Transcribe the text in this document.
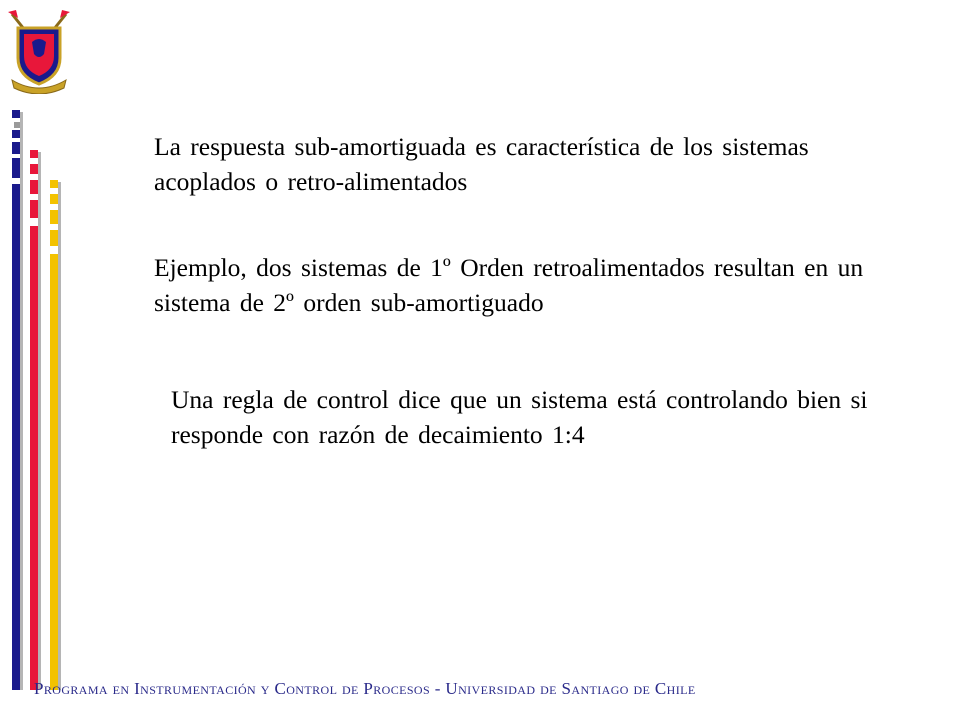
La respuesta sub-amortiguada es característica de los sistemas acoplados o retro-alimentados

Ejemplo, dos sistemas de 1º Orden retroalimentados resultan en un sistema de 2º orden sub-amortiguado

Una regla de control dice que un sistema está controlando bien si responde con razón de decaimiento 1:4

Programa en Instrumentación y Control de Procesos - Universidad de Santiago de Chile
